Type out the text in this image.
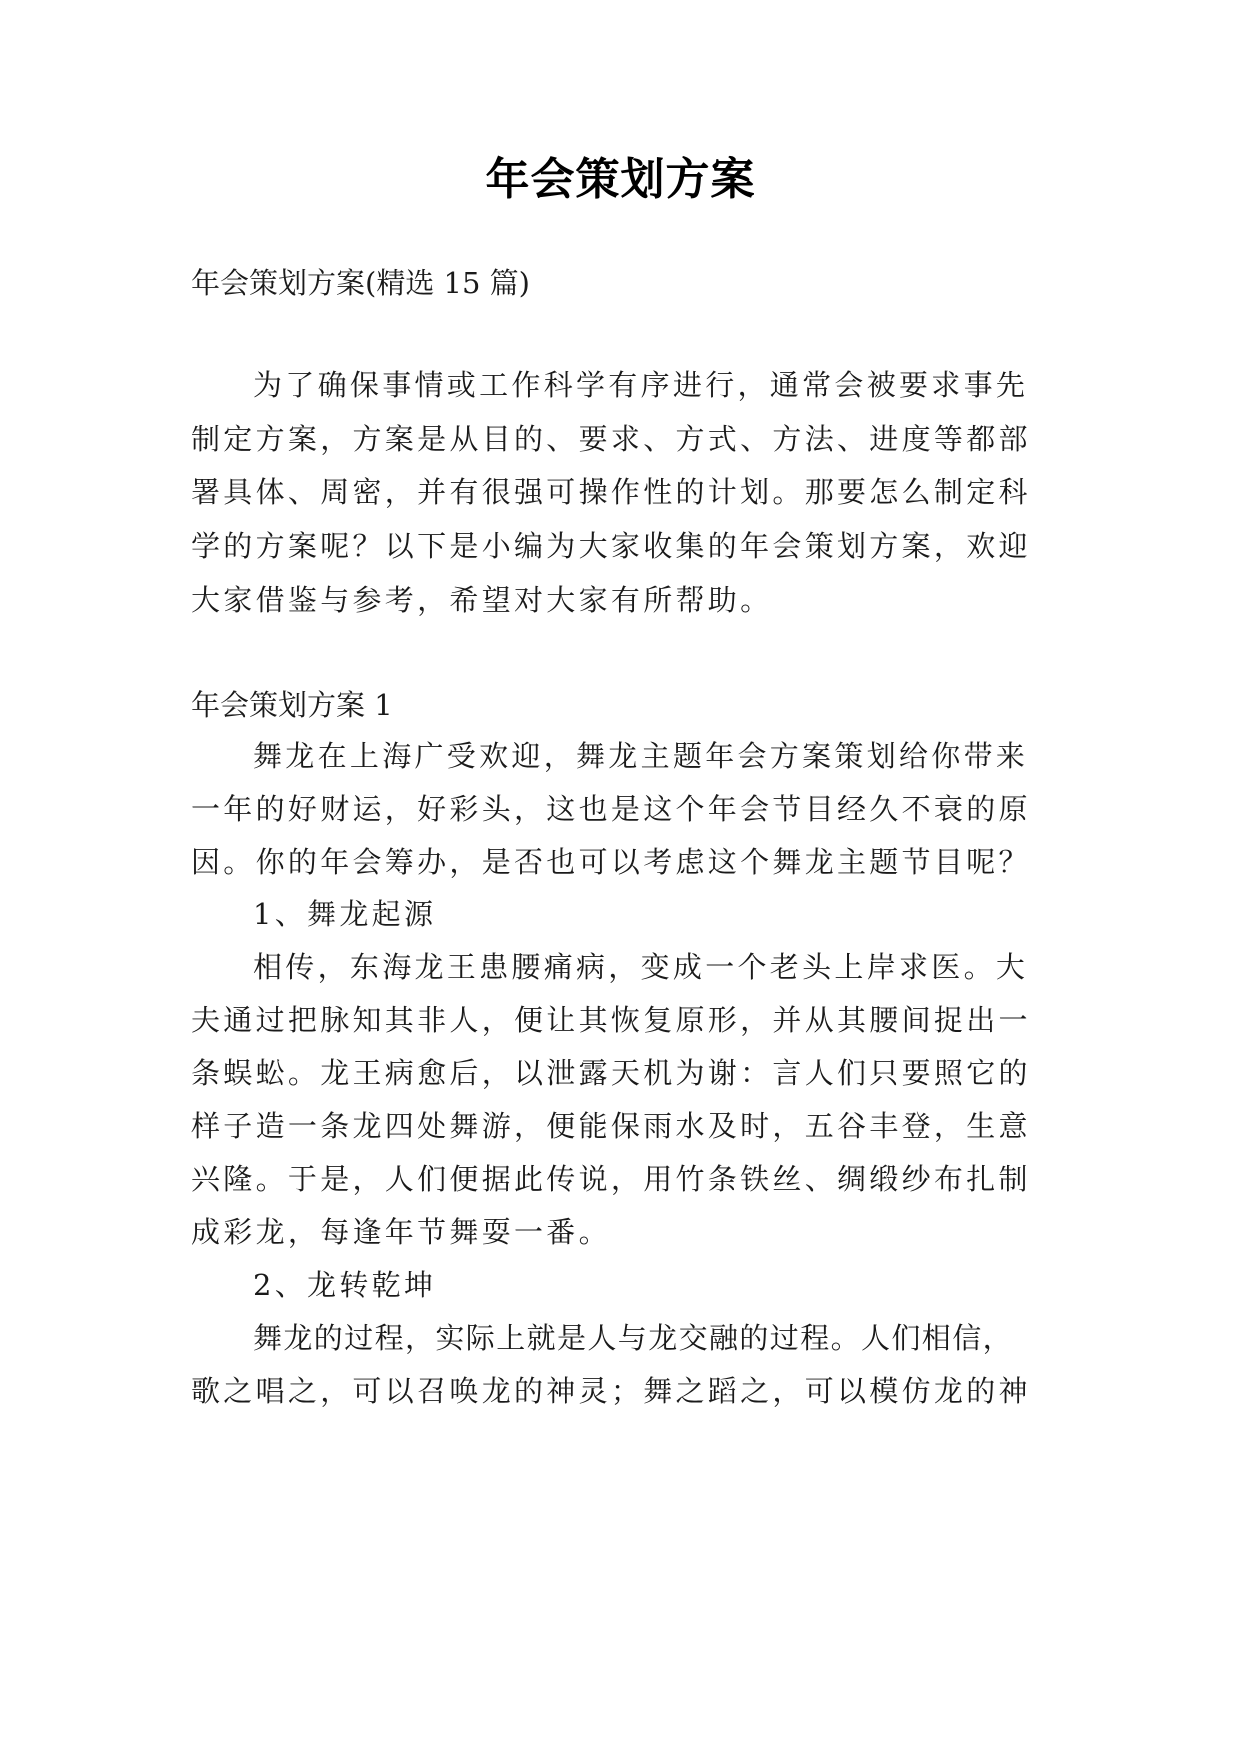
年会策划方案
年会策划方案(精选 15 篇)
为了确保事情或工作科学有序进行，通常会被要求事先
制定方案，方案是从目的、要求、方式、方法、进度等都部
署具体、周密，并有很强可操作性的计划。那要怎么制定科
学的方案呢？以下是小编为大家收集的年会策划方案，欢迎
大家借鉴与参考，希望对大家有所帮助。
年会策划方案 1
舞龙在上海广受欢迎，舞龙主题年会方案策划给你带来
一年的好财运，好彩头，这也是这个年会节目经久不衰的原
因。你的年会筹办，是否也可以考虑这个舞龙主题节目呢？
1、舞龙起源
相传，东海龙王患腰痛病，变成一个老头上岸求医。大
夫通过把脉知其非人，便让其恢复原形，并从其腰间捉出一
条蜈蚣。龙王病愈后，以泄露天机为谢：言人们只要照它的
样子造一条龙四处舞游，便能保雨水及时，五谷丰登，生意
兴隆。于是，人们便据此传说，用竹条铁丝、绸缎纱布扎制
成彩龙，每逢年节舞耍一番。
2、龙转乾坤
舞龙的过程，实际上就是人与龙交融的过程。人们相信，
歌之唱之，可以召唤龙的神灵；舞之蹈之，可以模仿龙的神
